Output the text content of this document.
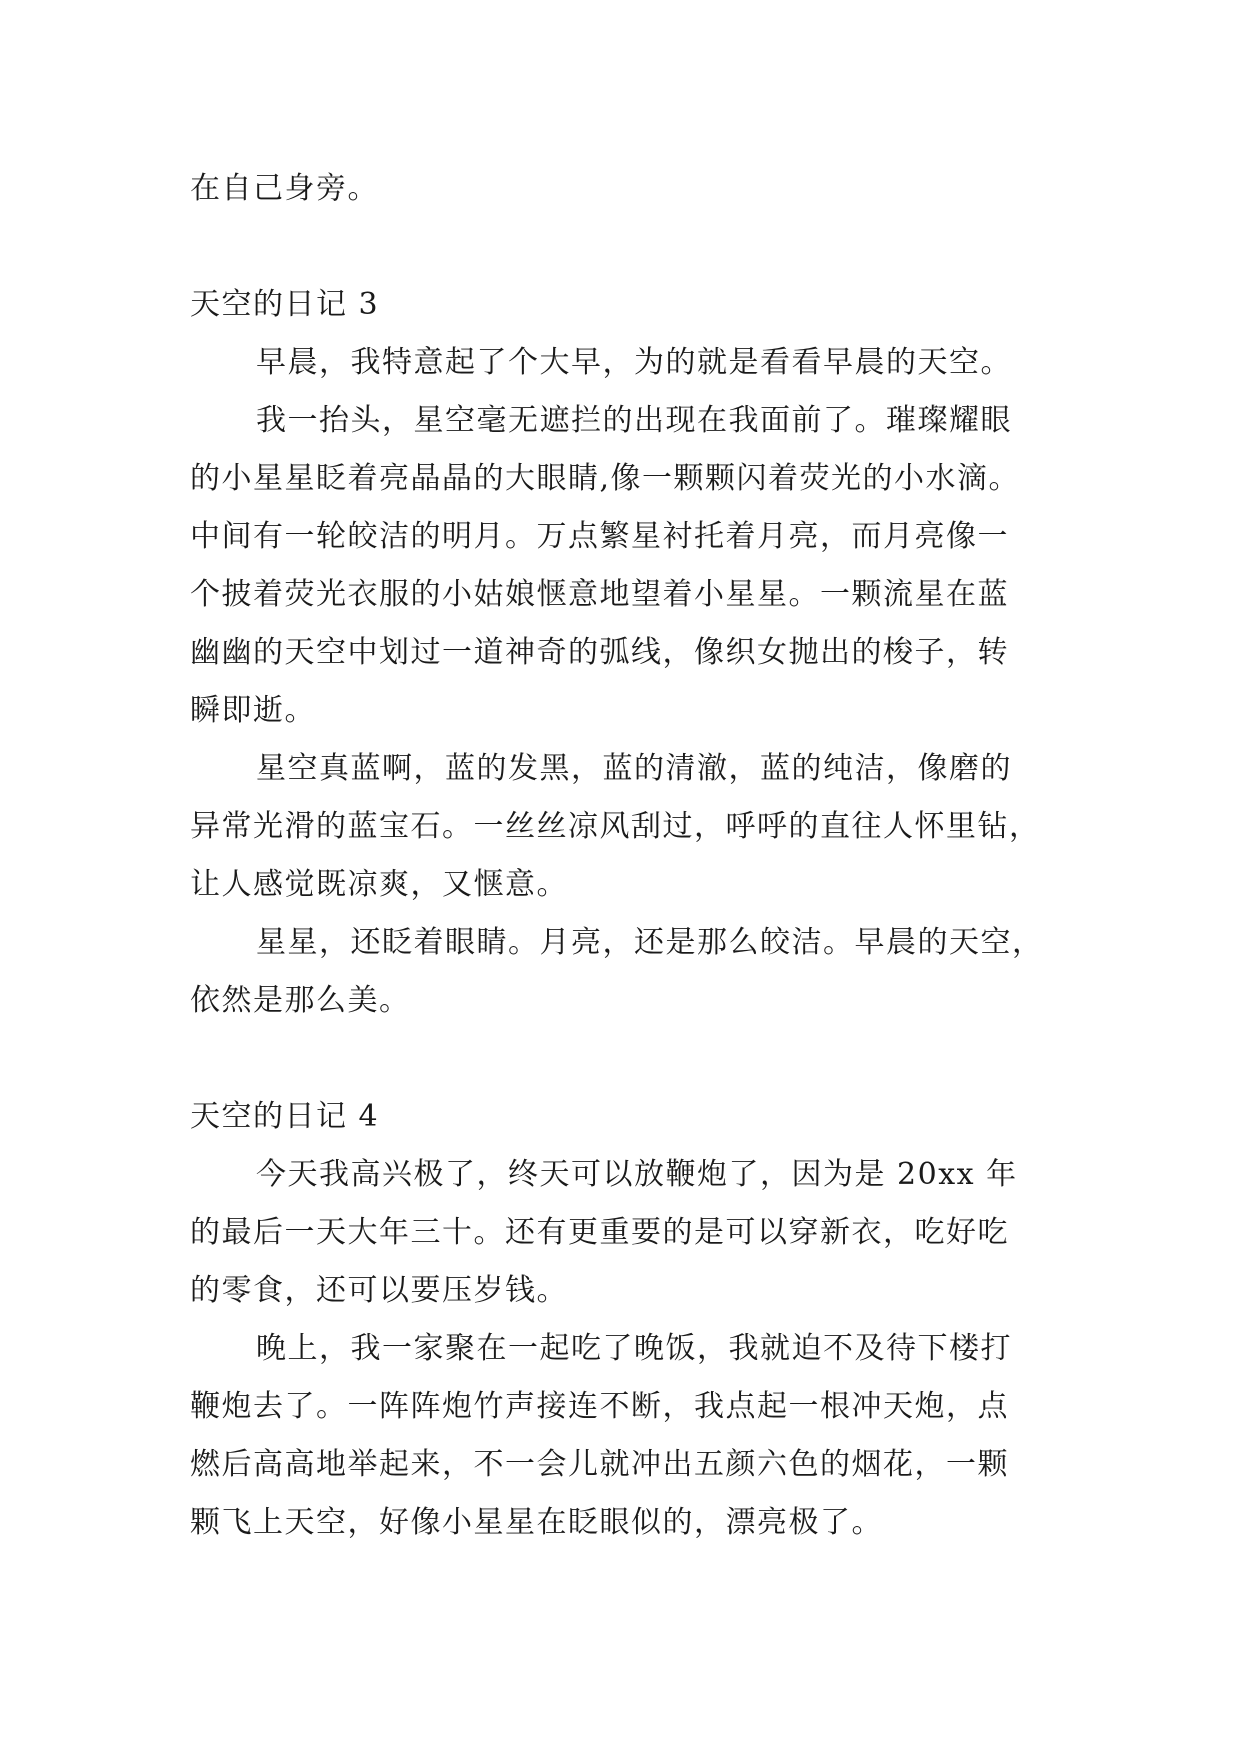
在自己身旁。
天空的日记 3
早晨，我特意起了个大早，为的就是看看早晨的天空。
我一抬头，星空毫无遮拦的出现在我面前了。璀璨耀眼
的小星星眨着亮晶晶的大眼睛,像一颗颗闪着荧光的小水滴。
中间有一轮皎洁的明月。万点繁星衬托着月亮，而月亮像一
个披着荧光衣服的小姑娘惬意地望着小星星。一颗流星在蓝
幽幽的天空中划过一道神奇的弧线，像织女抛出的梭子，转
瞬即逝。
星空真蓝啊，蓝的发黑，蓝的清澈，蓝的纯洁，像磨的
异常光滑的蓝宝石。一丝丝凉风刮过，呼呼的直往人怀里钻，
让人感觉既凉爽，又惬意。
星星，还眨着眼睛。月亮，还是那么皎洁。早晨的天空，
依然是那么美。
天空的日记 4
今天我高兴极了，终天可以放鞭炮了，因为是 20xx 年
的最后一天大年三十。还有更重要的是可以穿新衣，吃好吃
的零食，还可以要压岁钱。
晚上，我一家聚在一起吃了晚饭，我就迫不及待下楼打
鞭炮去了。一阵阵炮竹声接连不断，我点起一根冲天炮，点
燃后高高地举起来，不一会儿就冲出五颜六色的烟花，一颗
颗飞上天空，好像小星星在眨眼似的，漂亮极了。
